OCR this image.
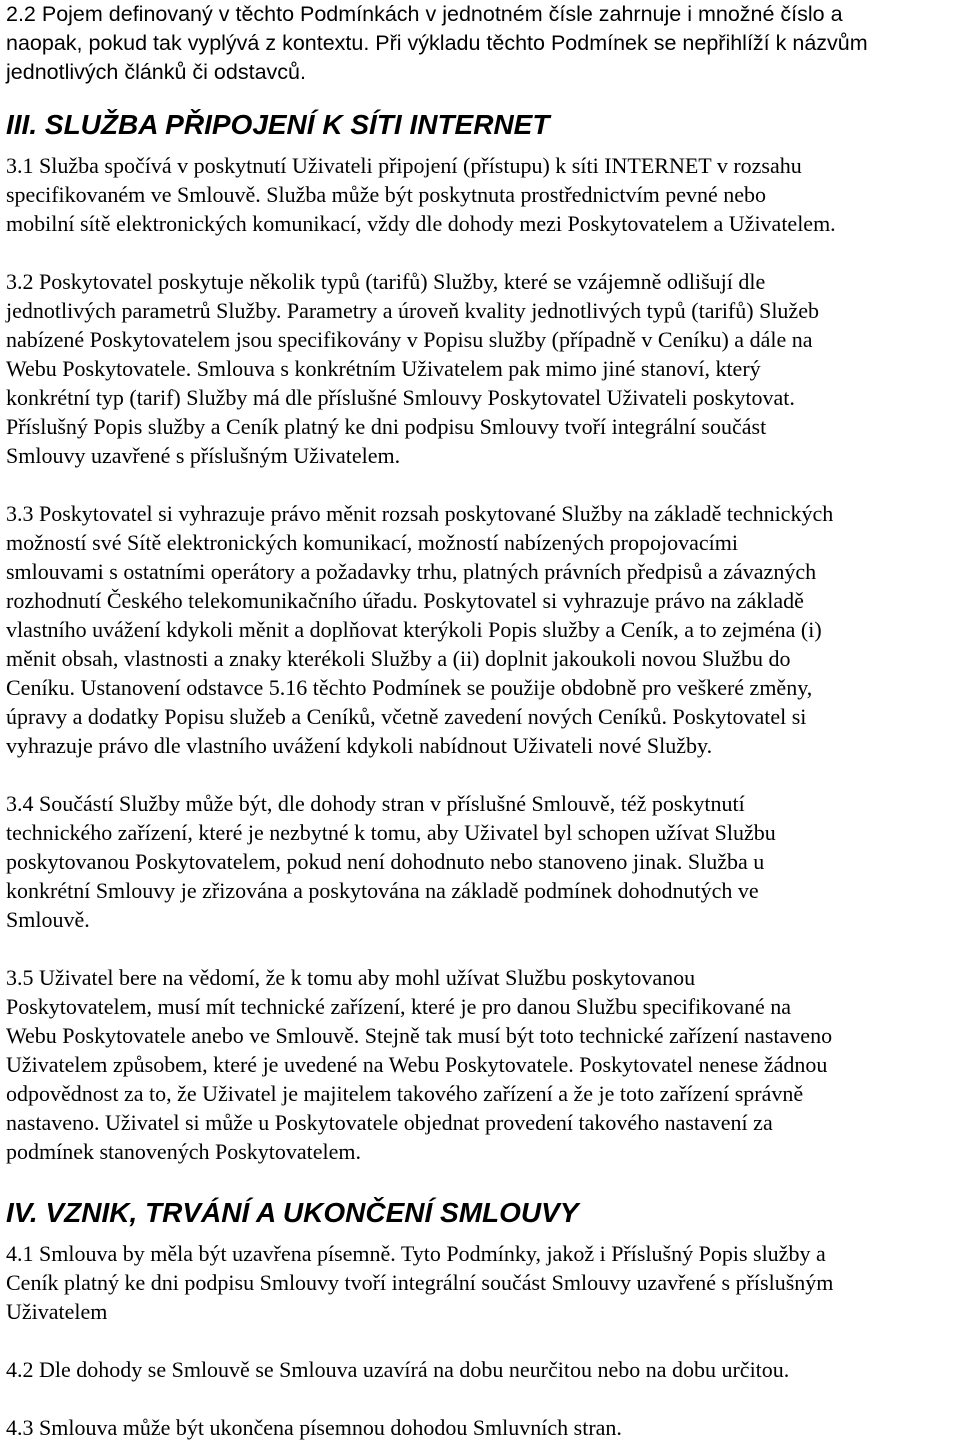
2.2 Pojem definovaný v těchto Podmínkách v jednotném čísle zahrnuje i množné číslo a
naopak, pokud tak vyplývá z kontextu. Při výkladu těchto Podmínek se nepřihlíží k názvům
jednotlivých článků či odstavců.
III. SLUŽBA PŘIPOJENÍ K SÍTI INTERNET
3.1 Služba spočívá v poskytnutí Uživateli připojení (přístupu) k síti INTERNET v rozsahu
specifikovaném ve Smlouvě. Služba může být poskytnuta prostřednictvím pevné nebo
mobilní sítě elektronických komunikací, vždy dle dohody mezi Poskytovatelem a Uživatelem.
3.2 Poskytovatel poskytuje několik typů (tarifů) Služby, které se vzájemně odlišují dle
jednotlivých parametrů Služby. Parametry a úroveň kvality jednotlivých typů (tarifů) Služeb
nabízené Poskytovatelem jsou specifikovány v Popisu služby (případně v Ceníku) a dále na
Webu Poskytovatele. Smlouva s konkrétním Uživatelem pak mimo jiné stanoví, který
konkrétní typ (tarif) Služby má dle příslušné Smlouvy Poskytovatel Uživateli poskytovat.
Příslušný Popis služby a Ceník platný ke dni podpisu Smlouvy tvoří integrální součást
Smlouvy uzavřené s příslušným Uživatelem.
3.3 Poskytovatel si vyhrazuje právo měnit rozsah poskytované Služby na základě technických
možností své Sítě elektronických komunikací, možností nabízených propojovacími
smlouvami s ostatními operátory a požadavky trhu, platných právních předpisů a závazných
rozhodnutí Českého telekomunikačního úřadu. Poskytovatel si vyhrazuje právo na základě
vlastního uvážení kdykoli měnit a doplňovat kterýkoli Popis služby a Ceník, a to zejména (i)
měnit obsah, vlastnosti a znaky kterékoli Služby a (ii) doplnit jakoukoli novou Službu do
Ceníku. Ustanovení odstavce 5.16 těchto Podmínek se použije obdobně pro veškeré změny,
úpravy a dodatky Popisu služeb a Ceníků, včetně zavedení nových Ceníků. Poskytovatel si
vyhrazuje právo dle vlastního uvážení kdykoli nabídnout Uživateli nové Služby.
3.4 Součástí Služby může být, dle dohody stran v příslušné Smlouvě, též poskytnutí
technického zařízení, které je nezbytné k tomu, aby Uživatel byl schopen užívat Službu
poskytovanou Poskytovatelem, pokud není dohodnuto nebo stanoveno jinak. Služba u
konkrétní Smlouvy je zřizována a poskytována na základě podmínek dohodnutých ve
Smlouvě.
3.5 Uživatel bere na vědomí, že k tomu aby mohl užívat Službu poskytovanou
Poskytovatelem, musí mít technické zařízení, které je pro danou Službu specifikované na
Webu Poskytovatele anebo ve Smlouvě. Stejně tak musí být toto technické zařízení nastaveno
Uživatelem způsobem, které je uvedené na Webu Poskytovatele. Poskytovatel nenese žádnou
odpovědnost za to, že Uživatel je majitelem takového zařízení a že je toto zařízení správně
nastaveno. Uživatel si může u Poskytovatele objednat provedení takového nastavení za
podmínek stanovených Poskytovatelem.
IV. VZNIK, TRVÁNÍ A UKONČENÍ SMLOUVY
4.1 Smlouva by měla být uzavřena písemně. Tyto Podmínky, jakož i Příslušný Popis služby a
Ceník platný ke dni podpisu Smlouvy tvoří integrální součást Smlouvy uzavřené s příslušným
Uživatelem
4.2 Dle dohody se Smlouvě se Smlouva uzavírá na dobu neurčitou nebo na dobu určitou.
4.3 Smlouva může být ukončena písemnou dohodou Smluvních stran.
